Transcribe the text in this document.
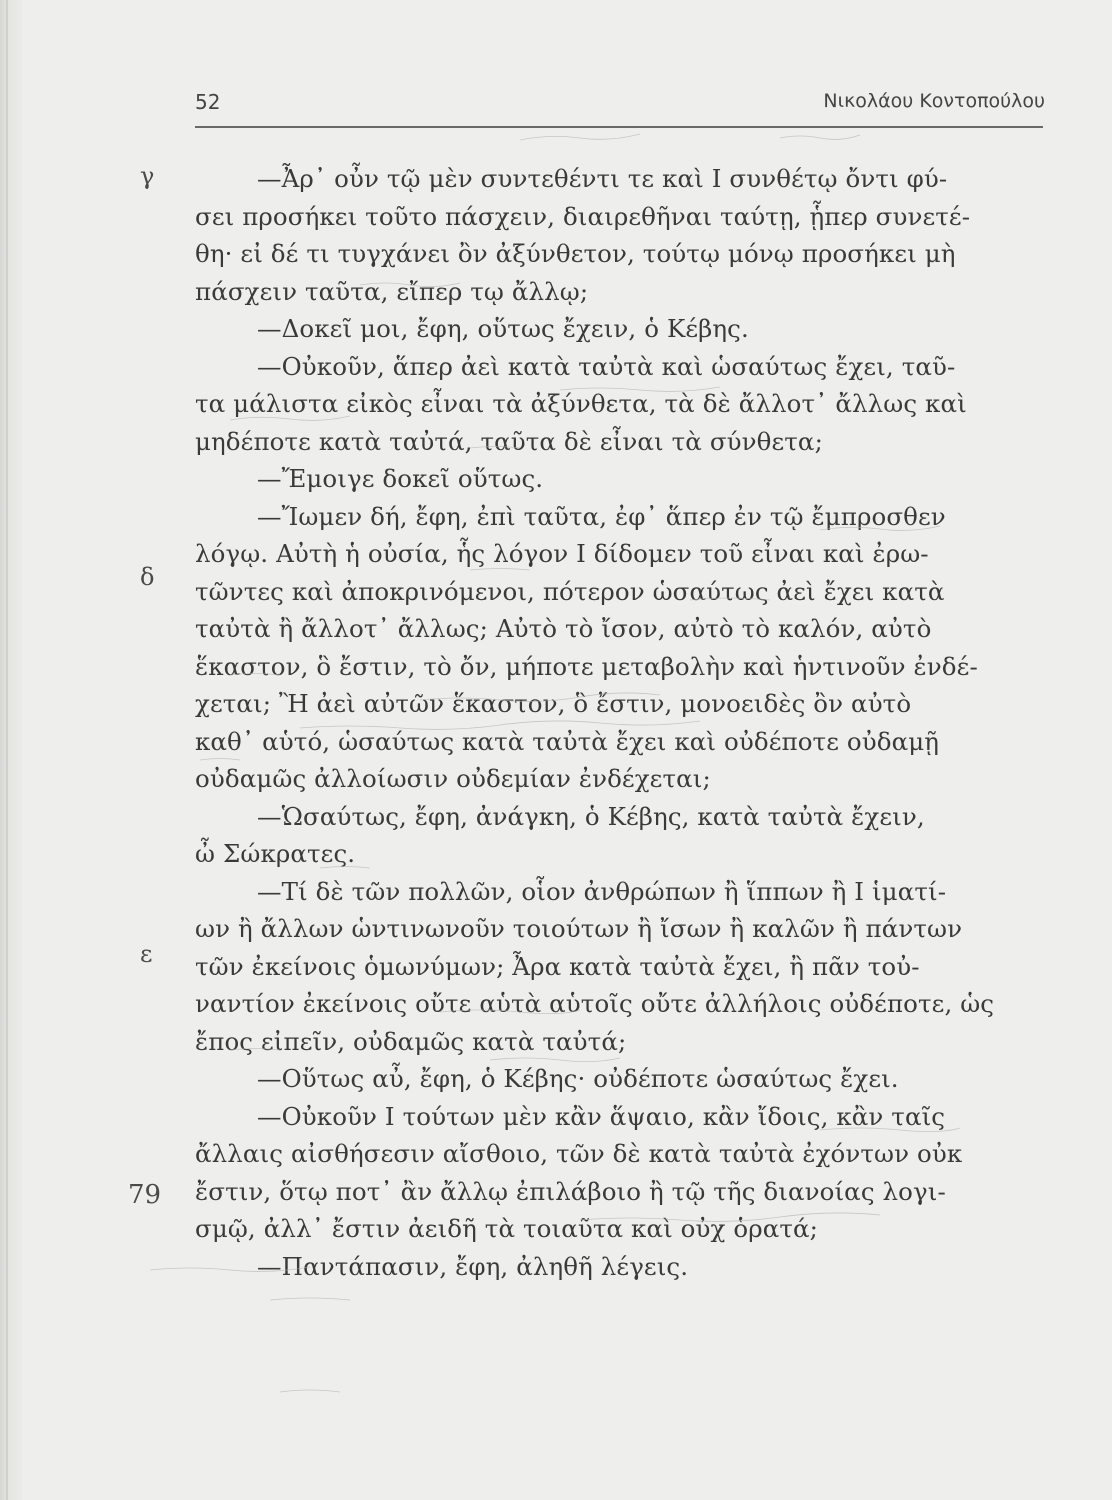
52	Νικολάου Κοντοπούλου
γ
δ
ε
79
—Ἆρ᾽ οὖν τῷ μὲν συντεθέντι τε καὶ Ι συνθέτῳ ὄντι φύ-
σει προσήκει τοῦτο πάσχειν, διαιρεθῆναι ταύτῃ, ᾗπερ συνετέ-
θη· εἰ δέ τι τυγχάνει ὂν ἀξύνθετον, τούτῳ μόνῳ προσήκει μὴ
πάσχειν ταῦτα, εἴπερ τῳ ἄλλῳ;
—Δοκεῖ μοι, ἔφη, οὕτως ἔχειν, ὁ Κέβης.
—Οὐκοῦν, ἅπερ ἀεὶ κατὰ ταὐτὰ καὶ ὡσαύτως ἔχει, ταῦ-
τα μάλιστα εἰκὸς εἶναι τὰ ἀξύνθετα, τὰ δὲ ἄλλοτ᾽ ἄλλως καὶ
μηδέποτε κατὰ ταὐτά, ταῦτα δὲ εἶναι τὰ σύνθετα;
—Ἔμοιγε δοκεῖ οὕτως.
—Ἴωμεν δή, ἔφη, ἐπὶ ταῦτα, ἐφ᾽ ἅπερ ἐν τῷ ἔμπροσθεν
λόγῳ. Αὐτὴ ἡ οὐσία, ἧς λόγον Ι δίδομεν τοῦ εἶναι καὶ ἐρω-
τῶντες καὶ ἀποκρινόμενοι, πότερον ὡσαύτως ἀεὶ ἔχει κατὰ
ταὐτὰ ἢ ἄλλοτ᾽ ἄλλως; Αὐτὸ τὸ ἴσον, αὐτὸ τὸ καλόν, αὐτὸ
ἕκαστον, ὃ ἔστιν, τὸ ὄν, μήποτε μεταβολὴν καὶ ἡντινοῦν ἐνδέ-
χεται; Ἢ ἀεὶ αὐτῶν ἕκαστον, ὃ ἔστιν, μονοειδὲς ὂν αὐτὸ
καθ᾽ αὑτό, ὡσαύτως κατὰ ταὐτὰ ἔχει καὶ οὐδέποτε οὐδαμῇ
οὐδαμῶς ἀλλοίωσιν οὐδεμίαν ἐνδέχεται;
—Ὡσαύτως, ἔφη, ἀνάγκη, ὁ Κέβης, κατὰ ταὐτὰ ἔχειν,
ὦ Σώκρατες.
—Τί δὲ τῶν πολλῶν, οἷον ἀνθρώπων ἢ ἵππων ἢ Ι ἱματί-
ων ἢ ἄλλων ὡντινωνοῦν τοιούτων ἢ ἴσων ἢ καλῶν ἢ πάντων
τῶν ἐκείνοις ὁμωνύμων; Ἆρα κατὰ ταὐτὰ ἔχει, ἢ πᾶν τοὐ-
ναντίον ἐκείνοις οὔτε αὑτὰ αὑτοῖς οὔτε ἀλλήλοις οὐδέποτε, ὡς
ἔπος εἰπεῖν, οὐδαμῶς κατὰ ταὐτά;
—Οὕτως αὖ, ἔφη, ὁ Κέβης· οὐδέποτε ὡσαύτως ἔχει.
—Οὐκοῦν Ι τούτων μὲν κἂν ἅψαιο, κἂν ἴδοις, κἂν ταῖς
ἄλλαις αἰσθήσεσιν αἴσθοιο, τῶν δὲ κατὰ ταὐτὰ ἐχόντων οὐκ
ἔστιν, ὅτῳ ποτ᾽ ἂν ἄλλῳ ἐπιλάβοιο ἢ τῷ τῆς διανοίας λογι-
σμῷ, ἀλλ᾽ ἔστιν ἀειδῆ τὰ τοιαῦτα καὶ οὐχ ὁρατά;
—Παντάπασιν, ἔφη, ἀληθῆ λέγεις.
